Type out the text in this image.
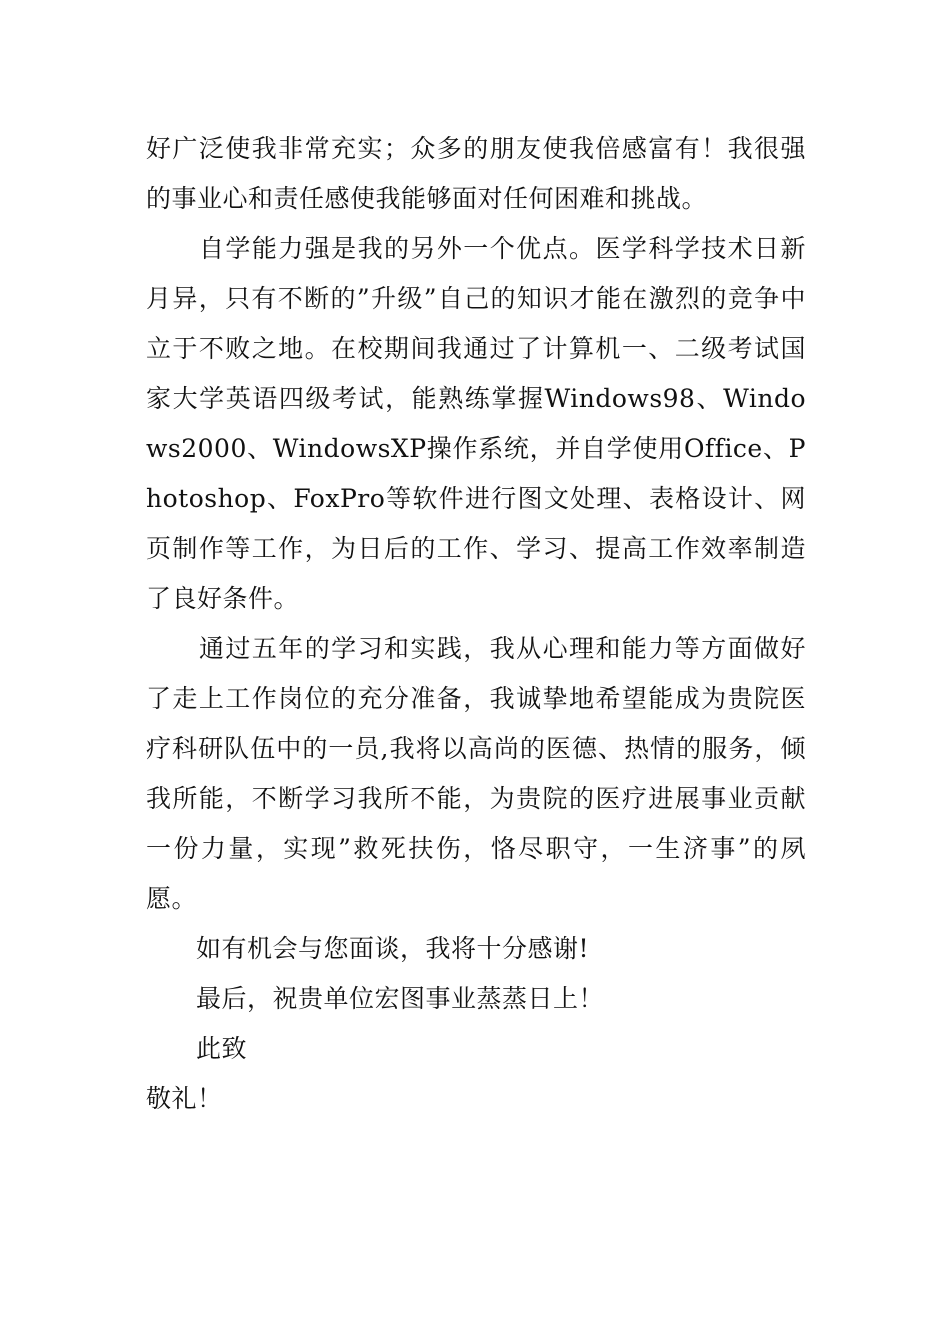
好广泛使我非常充实；众多的朋友使我倍感富有！我很强的事业心和责任感使我能够面对任何困难和挑战。

自学能力强是我的另外一个优点。医学科学技术日新月异，只有不断的”升级”自己的知识才能在激烈的竞争中立于不败之地。在校期间我通过了计算机一、二级考试国家大学英语四级考试，能熟练掌握Windows98、Windows2000、WindowsXP操作系统，并自学使用Office、Photoshop、FoxPro等软件进行图文处理、表格设计、网页制作等工作，为日后的工作、学习、提高工作效率制造了良好条件。

通过五年的学习和实践，我从心理和能力等方面做好了走上工作岗位的充分准备，我诚挚地希望能成为贵院医疗科研队伍中的一员,我将以高尚的医德、热情的服务，倾我所能，不断学习我所不能，为贵院的医疗进展事业贡献一份力量，实现”救死扶伤，恪尽职守，一生济事”的夙愿。

如有机会与您面谈，我将十分感谢!

最后，祝贵单位宏图事业蒸蒸日上！

此致

敬礼！
